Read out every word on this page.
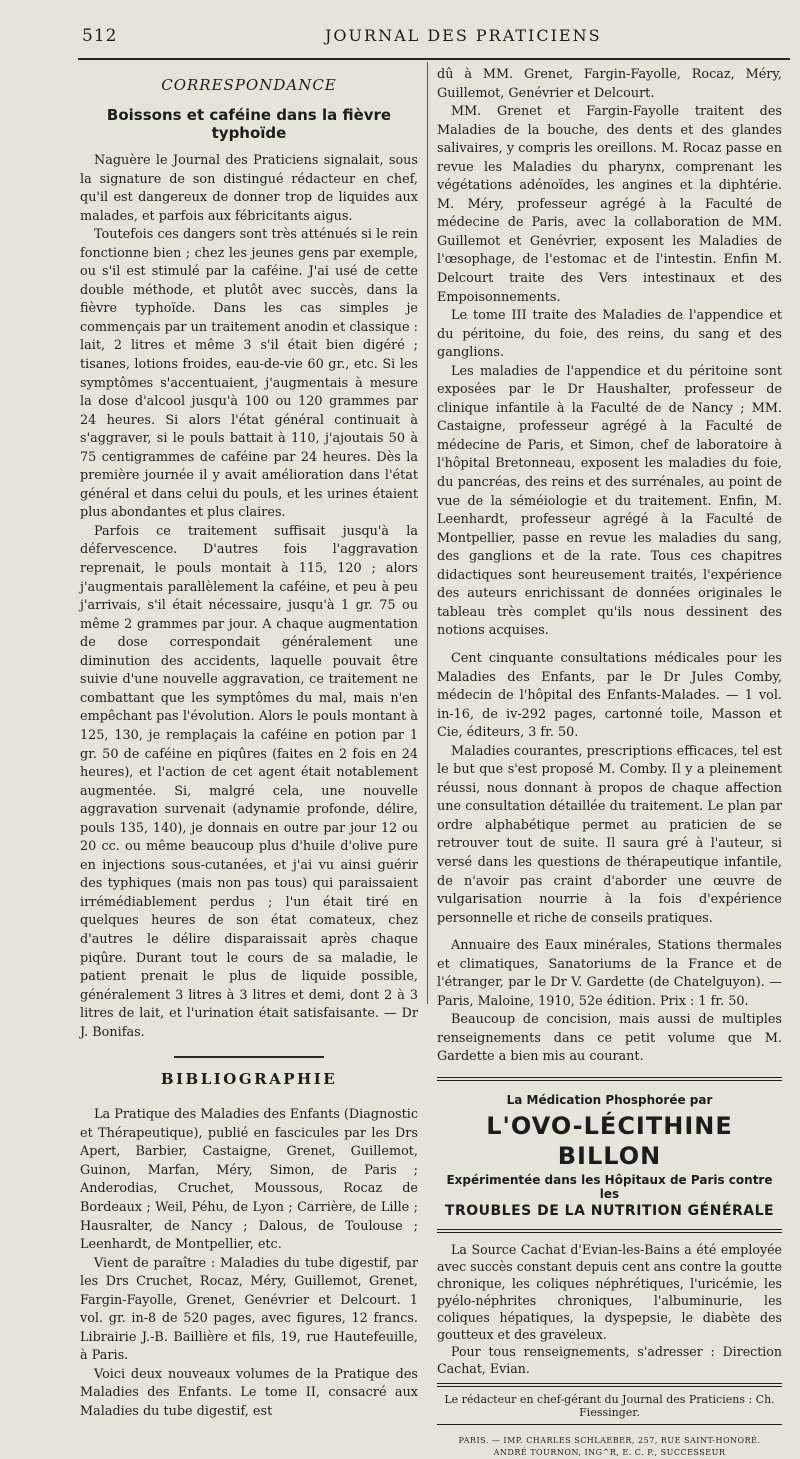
512	JOURNAL DES PRATICIENS
CORRESPONDANCE
Boissons et caféine dans la fièvre typhoïde

Naguère le Journal des Praticiens signalait, sous la signature de son distingué rédacteur en chef, qu'il est dangereux de donner trop de liquides aux malades, et parfois aux fébricitants aigus.

Toutefois ces dangers sont très atténués si le rein fonctionne bien ; chez les jeunes gens par exemple, ou s'il est stimulé par la caféine. J'ai usé de cette double méthode, et plutôt avec succès, dans la fièvre typhoïde. Dans les cas simples je commençais par un traitement anodin et classique : lait, 2 litres et même 3 s'il était bien digéré ; tisanes, lotions froides, eau-de-vie 60 gr., etc. Si les symptômes s'accentuaient, j'augmentais à mesure la dose d'alcool jusqu'à 100 ou 120 grammes par 24 heures. Si alors l'état général continuait à s'aggraver, si le pouls battait à 110, j'ajoutais 50 à 75 centigrammes de caféine par 24 heures. Dès la première journée il y avait amélioration dans l'état général et dans celui du pouls, et les urines étaient plus abondantes et plus claires.

Parfois ce traitement suffisait jusqu'à la défervescence. D'autres fois l'aggravation reprenait, le pouls montait à 115, 120 ; alors j'augmentais parallèlement la caféine, et peu à peu j'arrivais, s'il était nécessaire, jusqu'à 1 gr. 75 ou même 2 grammes par jour. A chaque augmentation de dose correspondait généralement une diminution des accidents, laquelle pouvait être suivie d'une nouvelle aggravation, ce traitement ne combattant que les symptômes du mal, mais n'en empêchant pas l'évolution. Alors le pouls montant à 125, 130, je remplaçais la caféine en potion par 1 gr. 50 de caféine en piqûres (faites en 2 fois en 24 heures), et l'action de cet agent était notablement augmentée. Si, malgré cela, une nouvelle aggravation survenait (adynamie profonde, délire, pouls 135, 140), je donnais en outre par jour 12 ou 20 cc. ou même beaucoup plus d'huile d'olive pure en injections sous-cutanées, et j'ai vu ainsi guérir des typhiques (mais non pas tous) qui paraissaient irrémédiablement perdus ; l'un était tiré en quelques heures de son état comateux, chez d'autres le délire disparaissait après chaque piqûre. Durant tout le cours de sa maladie, le patient prenait le plus de liquide possible, généralement 3 litres à 3 litres et demi, dont 2 à 3 litres de lait, et l'urination était satisfaisante. — Dr J. Bonifas.

BIBLIOGRAPHIE

La Pratique des Maladies des Enfants (Diagnostic et Thérapeutique), publié en fascicules par les Drs Apert, Barbier, Castaigne, Grenet, Guillemot, Guinon, Marfan, Méry, Simon, de Paris ; Anderodias, Cruchet, Moussous, Rocaz de Bordeaux ; Weil, Péhu, de Lyon ; Carrière, de Lille ; Hausralter, de Nancy ; Dalous, de Toulouse ; Leenhardt, de Montpellier, etc.

Vient de paraître : Maladies du tube digestif, par les Drs Cruchet, Rocaz, Méry, Guillemot, Grenet, Fargin-Fayolle, Grenet, Genévrier et Delcourt. 1 vol. gr. in-8 de 520 pages, avec figures, 12 francs. Librairie J.-B. Baillière et fils, 19, rue Hautefeuille, à Paris.

Voici deux nouveaux volumes de la Pratique des Maladies des Enfants. Le tome II, consacré aux Maladies du tube digestif, est

dû à MM. Grenet, Fargin-Fayolle, Rocaz, Méry, Guillemot, Genévrier et Delcourt.

MM. Grenet et Fargin-Fayolle traitent des Maladies de la bouche, des dents et des glandes salivaires, y compris les oreillons. M. Rocaz passe en revue les Maladies du pharynx, comprenant les végétations adénoïdes, les angines et la diphtérie. M. Méry, professeur agrégé à la Faculté de médecine de Paris, avec la collaboration de MM. Guillemot et Genévrier, exposent les Maladies de l'œsophage, de l'estomac et de l'intestin. Enfin M. Delcourt traite des Vers intestinaux et des Empoisonnements.

Le tome III traite des Maladies de l'appendice et du péritoine, du foie, des reins, du sang et des ganglions.

Les maladies de l'appendice et du péritoine sont exposées par le Dr Haushalter, professeur de clinique infantile à la Faculté de de Nancy ; MM. Castaigne, professeur agrégé à la Faculté de médecine de Paris, et Simon, chef de laboratoire à l'hôpital Bretonneau, exposent les maladies du foie, du pancréas, des reins et des surrénales, au point de vue de la séméiologie et du traitement. Enfin, M. Leenhardt, professeur agrégé à la Faculté de Montpellier, passe en revue les maladies du sang, des ganglions et de la rate. Tous ces chapitres didactiques sont heureusement traités, l'expérience des auteurs enrichissant de données originales le tableau très complet qu'ils nous dessinent des notions acquises.

Cent cinquante consultations médicales pour les Maladies des Enfants, par le Dr Jules Comby, médecin de l'hôpital des Enfants-Malades. — 1 vol. in-16, de iv-292 pages, cartonné toile, Masson et Cie, éditeurs, 3 fr. 50.

Maladies courantes, prescriptions efficaces, tel est le but que s'est proposé M. Comby. Il y a pleinement réussi, nous donnant à propos de chaque affection une consultation détaillée du traitement. Le plan par ordre alphabétique permet au praticien de se retrouver tout de suite. Il saura gré à l'auteur, si versé dans les questions de thérapeutique infantile, de n'avoir pas craint d'aborder une œuvre de vulgarisation nourrie à la fois d'expérience personnelle et riche de conseils pratiques.

Annuaire des Eaux minérales, Stations thermales et climatiques, Sanatoriums de la France et de l'étranger, par le Dr V. Gardette (de Chatelguyon). — Paris, Maloine, 1910, 52e édition. Prix : 1 fr. 50.

Beaucoup de concision, mais aussi de multiples renseignements dans ce petit volume que M. Gardette a bien mis au courant.

La Médication Phosphorée par
L'OVO-LÉCITHINE BILLON
Expérimentée dans les Hôpitaux de Paris contre les
TROUBLES DE LA NUTRITION GÉNÉRALE

La Source Cachat d'Evian-les-Bains a été employée avec succès constant depuis cent ans contre la goutte chronique, les coliques néphrétiques, l'uricémie, les pyélo-néphrites chroniques, l'albuminurie, les coliques hépatiques, la dyspepsie, le diabète des goutteux et des graveleux.

Pour tous renseignements, s'adresser : Direction Cachat, Evian.

Le rédacteur en chef-gérant du Journal des Praticiens : Ch. Fiessinger.
PARIS. — IMP. CHARLES SCHLAEBER, 257, RUE SAINT-HONORÉ.
ANDRÉ TOURNON, ING^R, E. C. P., SUCCESSEUR
